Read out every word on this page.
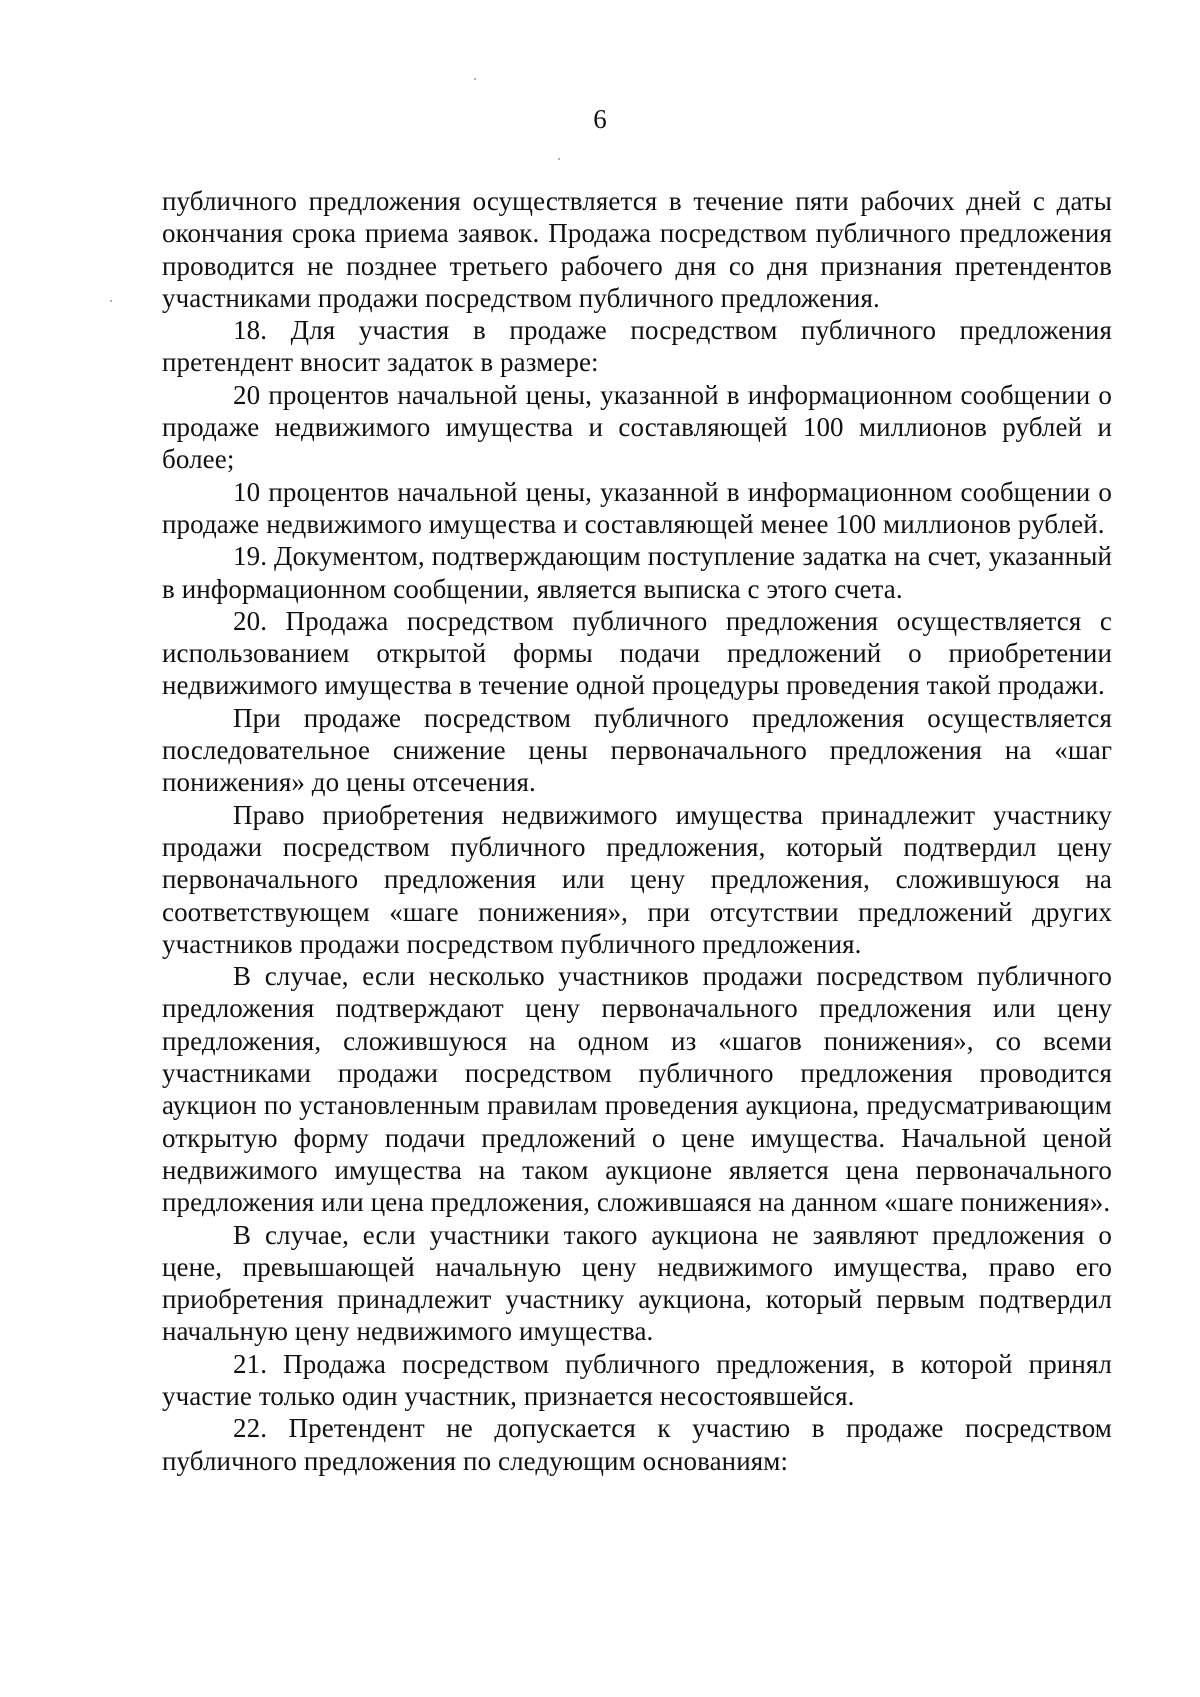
6

публичного предложения осуществляется в течение пяти рабочих дней с даты окончания срока приема заявок. Продажа посредством публичного предложения проводится не позднее третьего рабочего дня со дня признания претендентов участниками продажи посредством публичного предложения.

18. Для участия в продаже посредством публичного предложения претендент вносит задаток в размере:

20 процентов начальной цены, указанной в информационном сообщении о продаже недвижимого имущества и составляющей 100 миллионов рублей и более;

10 процентов начальной цены, указанной в информационном сообщении о продаже недвижимого имущества и составляющей менее 100 миллионов рублей.

19. Документом, подтверждающим поступление задатка на счет, указанный в информационном сообщении, является выписка с этого счета.

20. Продажа посредством публичного предложения осуществляется с использованием открытой формы подачи предложений о приобретении недвижимого имущества в течение одной процедуры проведения такой продажи.

При продаже посредством публичного предложения осуществляется последовательное снижение цены первоначального предложения на «шаг понижения» до цены отсечения.

Право приобретения недвижимого имущества принадлежит участнику продажи посредством публичного предложения, который подтвердил цену первоначального предложения или цену предложения, сложившуюся на соответствующем «шаге понижения», при отсутствии предложений других участников продажи посредством публичного предложения.

В случае, если несколько участников продажи посредством публичного предложения подтверждают цену первоначального предложения или цену предложения, сложившуюся на одном из «шагов понижения», со всеми участниками продажи посредством публичного предложения проводится аукцион по установленным правилам проведения аукциона, предусматривающим открытую форму подачи предложений о цене имущества. Начальной ценой недвижимого имущества на таком аукционе является цена первоначального предложения или цена предложения, сложившаяся на данном «шаге понижения».

В случае, если участники такого аукциона не заявляют предложения о цене, превышающей начальную цену недвижимого имущества, право его приобретения принадлежит участнику аукциона, который первым подтвердил начальную цену недвижимого имущества.

21. Продажа посредством публичного предложения, в которой принял участие только один участник, признается несостоявшейся.

22. Претендент не допускается к участию в продаже посредством публичного предложения по следующим основаниям:
